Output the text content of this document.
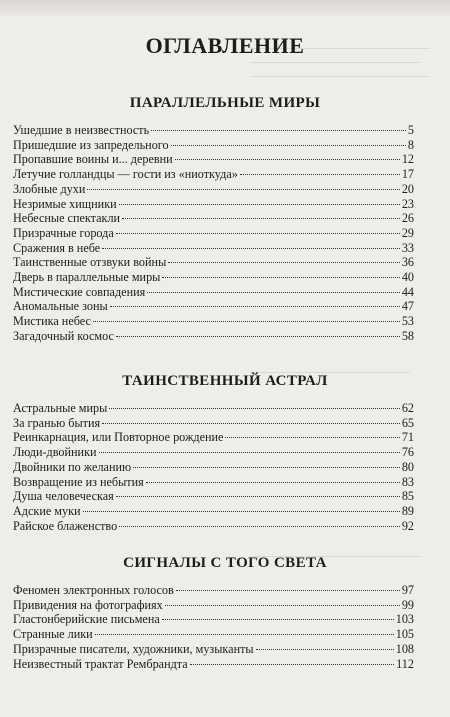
ОГЛАВЛЕНИЕ
ПАРАЛЛЕЛЬНЫЕ МИРЫ
Ушедшие в неизвестность	5
Пришедшие из запредельного	8
Пропавшие воины и... деревни	12
Летучие голландцы — гости из «ниоткуда»	17
Злобные духи	20
Незримые хищники	23
Небесные спектакли	26
Призрачные города	29
Сражения в небе	33
Таинственные отзвуки войны	36
Дверь в параллельные миры	40
Мистические совпадения	44
Аномальные зоны	47
Мистика небес	53
Загадочный космос	58
ТАИНСТВЕННЫЙ АСТРАЛ
Астральные миры	62
За гранью бытия	65
Реинкарнация, или Повторное рождение	71
Люди-двойники	76
Двойники по желанию	80
Возвращение из небытия	83
Душа человеческая	85
Адские муки	89
Райское блаженство	92
СИГНАЛЫ С ТОГО СВЕТА
Феномен электронных голосов	97
Привидения на фотографиях	99
Гластонберийские письмена	103
Странные лики	105
Призрачные писатели, художники, музыканты	108
Неизвестный трактат Рембрандта	112
